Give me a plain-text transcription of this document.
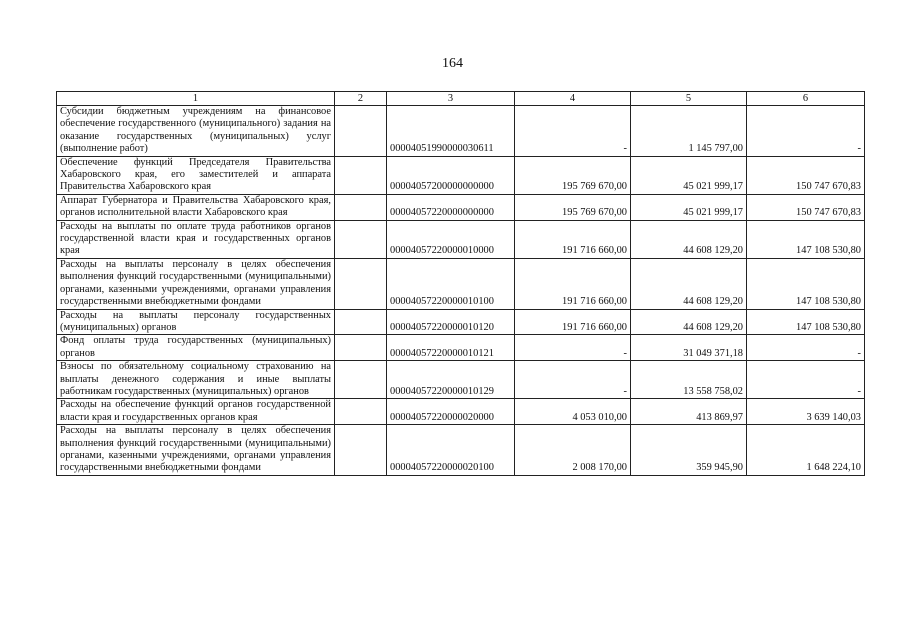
164
1	2	3	4	5	6
Субсидии бюджетным учреждениям на финансовое обеспечение государственного (муниципального) задания на оказание государственных (муниципальных) услуг (выполнение работ)		00004051990000030611	-	1 145 797,00	-
Обеспечение функций Председателя Правительства Хабаровского края, его заместителей и аппарата Правительства Хабаровского края		00004057200000000000	195 769 670,00	45 021 999,17	150 747 670,83
Аппарат Губернатора и Правительства Хабаровского края, органов исполнительной власти Хабаровского края		00004057220000000000	195 769 670,00	45 021 999,17	150 747 670,83
Расходы на выплаты по оплате труда работников органов государственной власти края и государственных органов края		00004057220000010000	191 716 660,00	44 608 129,20	147 108 530,80
Расходы на выплаты персоналу в целях обеспечения выполнения функций государственными (муниципальными) органами, казенными учреждениями, органами управления государственными внебюджетными фондами		00004057220000010100	191 716 660,00	44 608 129,20	147 108 530,80
Расходы на выплаты персоналу государственных (муниципальных) органов		00004057220000010120	191 716 660,00	44 608 129,20	147 108 530,80
Фонд оплаты труда государственных (муниципальных) органов		00004057220000010121	-	31 049 371,18	-
Взносы по обязательному социальному страхованию на выплаты денежного содержания и иные выплаты работникам государственных (муниципальных) органов		00004057220000010129	-	13 558 758,02	-
Расходы на обеспечение функций органов государственной власти края и государственных органов края		00004057220000020000	4 053 010,00	413 869,97	3 639 140,03
Расходы на выплаты персоналу в целях обеспечения выполнения функций государственными (муниципальными) органами, казенными учреждениями, органами управления государственными внебюджетными фондами		00004057220000020100	2 008 170,00	359 945,90	1 648 224,10
